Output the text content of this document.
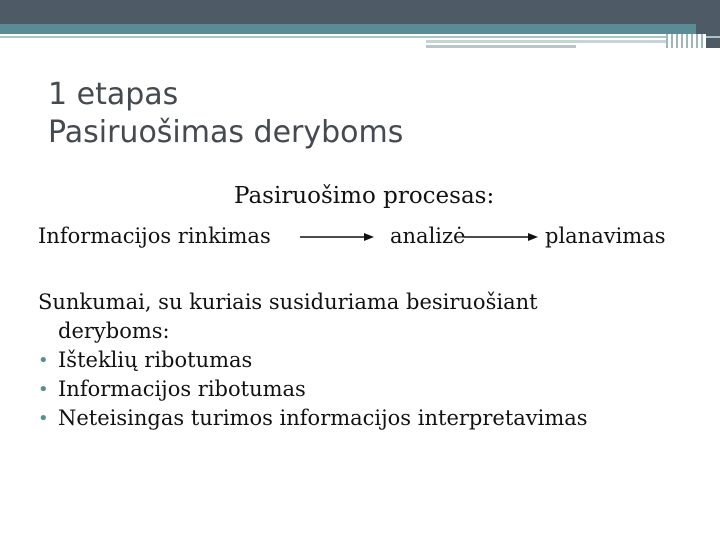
1 etapas
Pasiruošimas deryboms
Pasiruošimo procesas:
Informacijos rinkimas	analizė	planavimas
Sunkumai, su kuriais susiduriama besiruošiant
deryboms:
• Išteklių ribotumas
• Informacijos ribotumas
• Neteisingas turimos informacijos interpretavimas
